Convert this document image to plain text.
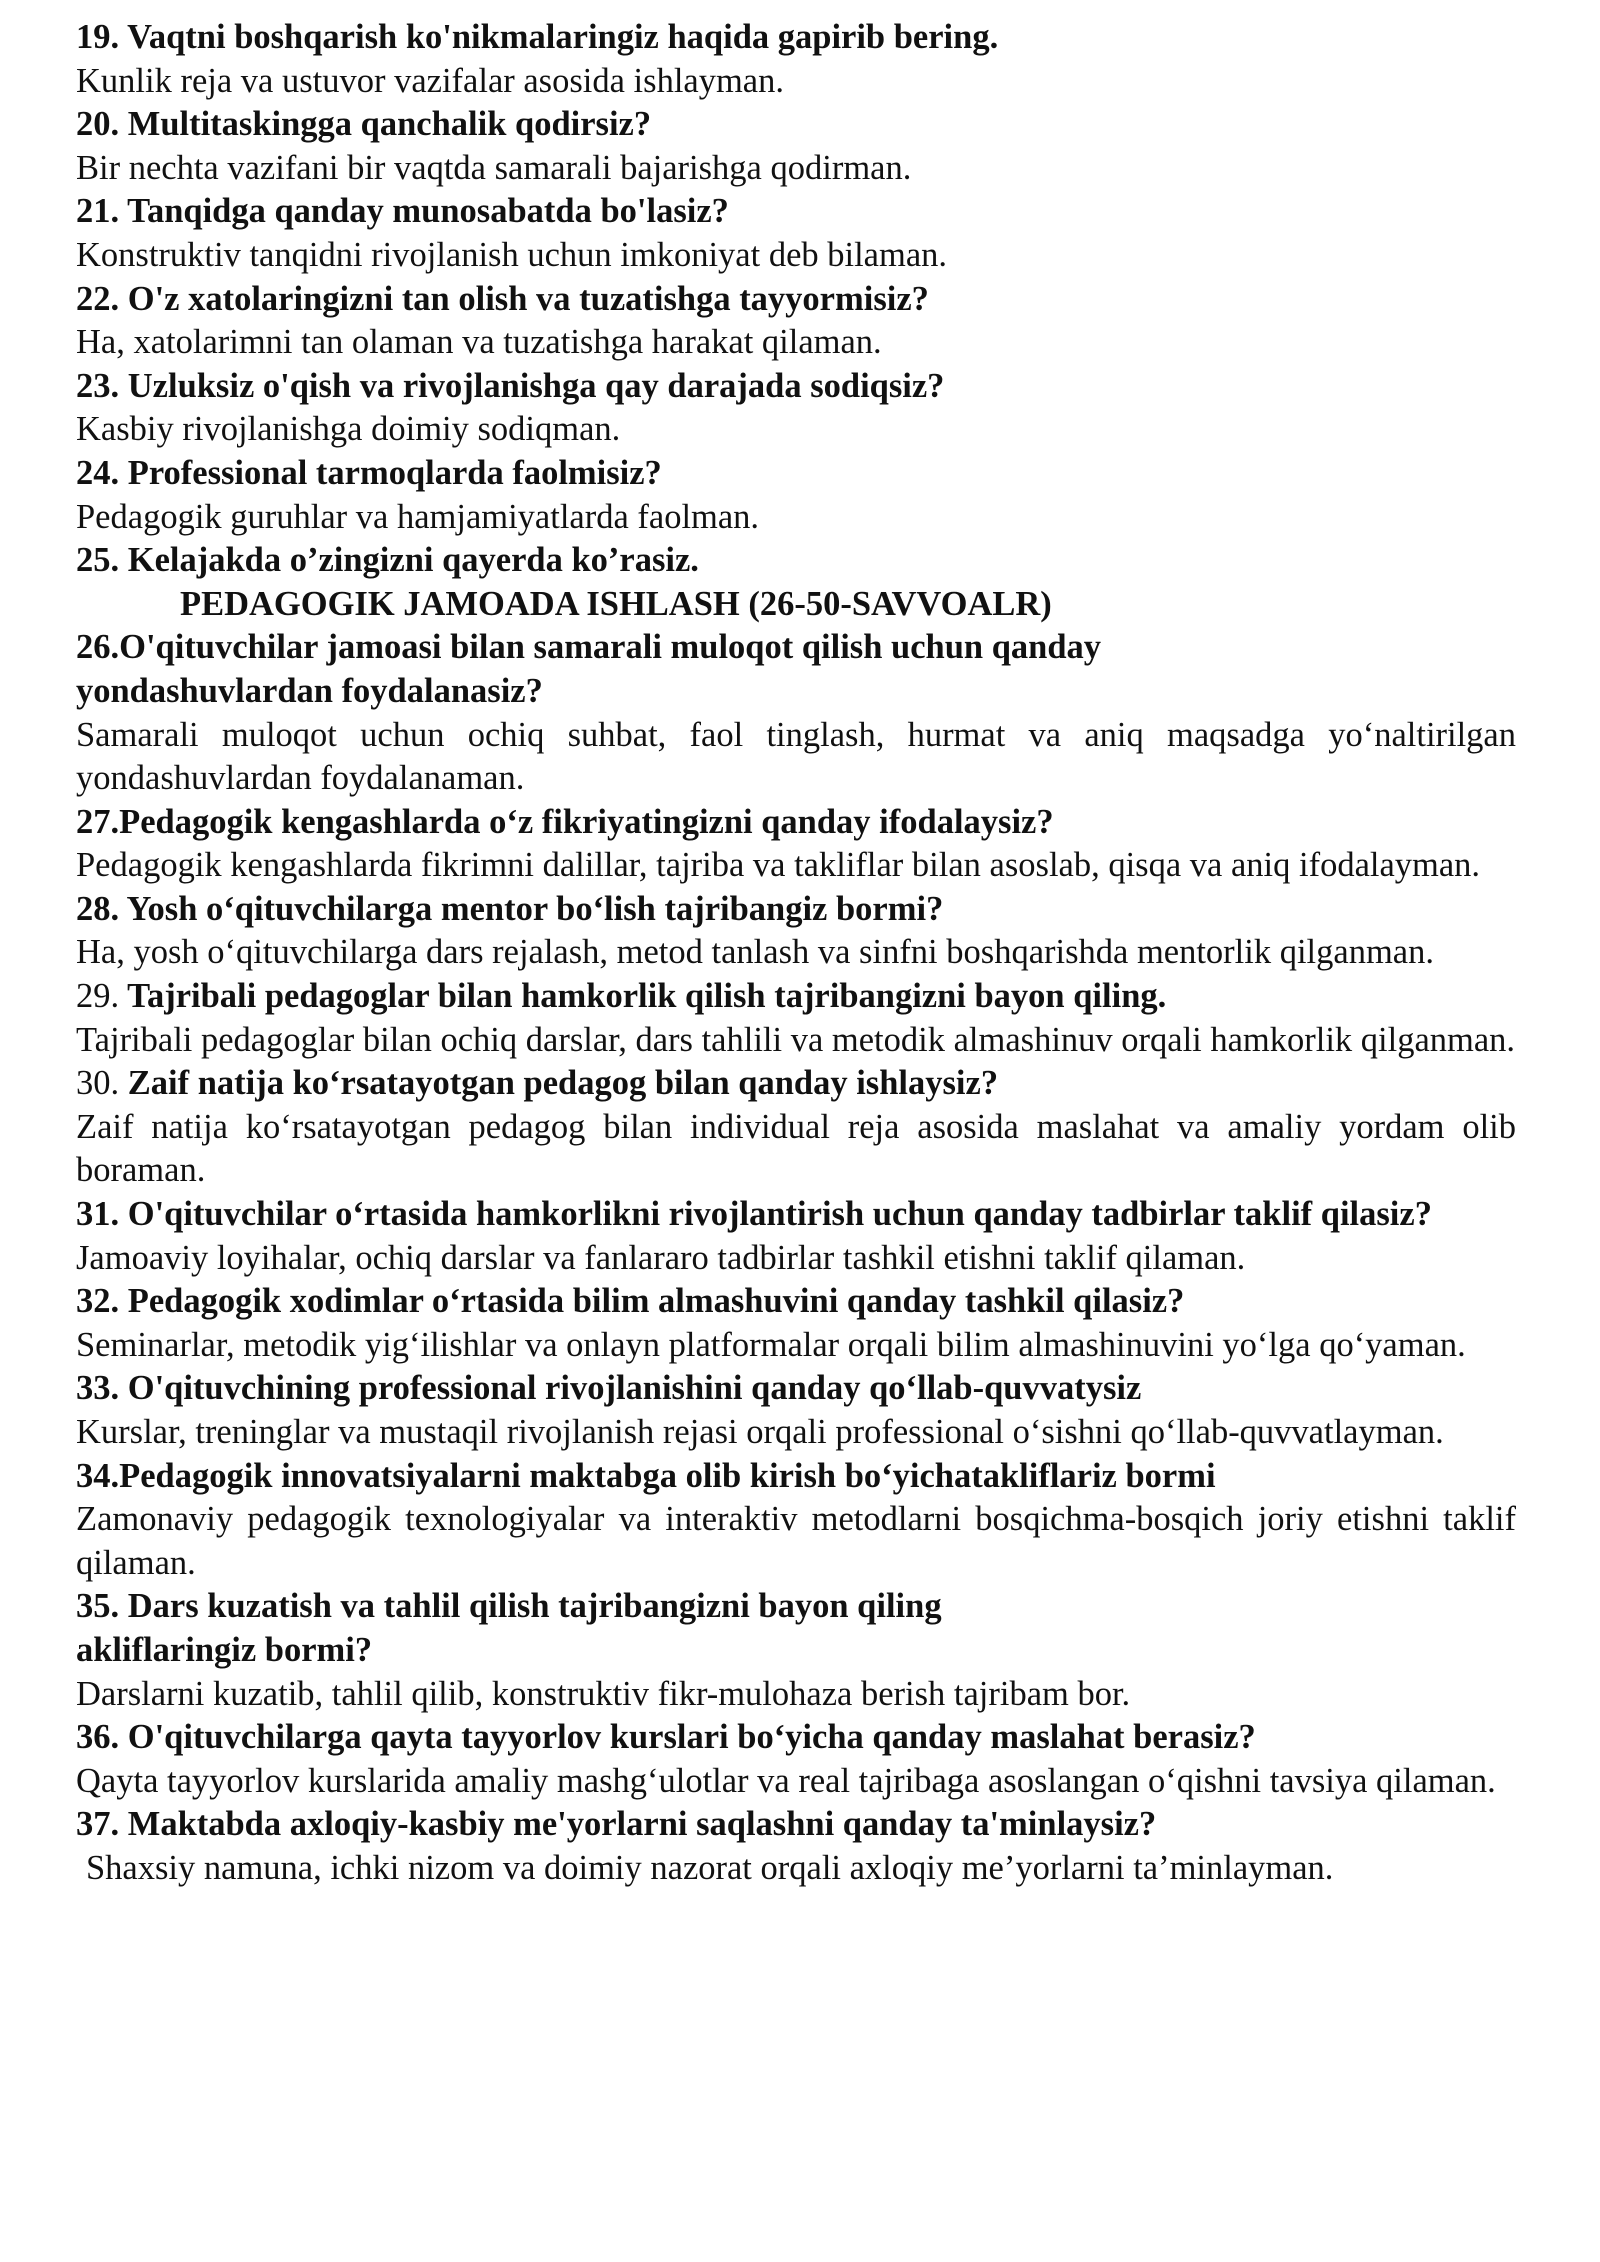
19. Vaqtni boshqarish ko'nikmalaringiz haqida gapirib bering.
Kunlik reja va ustuvor vazifalar asosida ishlayman.
20. Multitaskingga qanchalik qodirsiz?
Bir nechta vazifani bir vaqtda samarali bajarishga qodirman.
21. Tanqidga qanday munosabatda bo'lasiz?
Konstruktiv tanqidni rivojlanish uchun imkoniyat deb bilaman.
22. O'z xatolaringizni tan olish va tuzatishga tayyormisiz?
Ha, xatolarimni tan olaman va tuzatishga harakat qilaman.
23. Uzluksiz o'qish va rivojlanishga qay darajada sodiqsiz?
Kasbiy rivojlanishga doimiy sodiqman.
24. Professional tarmoqlarda faolmisiz?
Pedagogik guruhlar va hamjamiyatlarda faolman.
25. Kelajakda o’zingizni qayerda ko’rasiz.
PEDAGOGIK JAMOADA ISHLASH (26-50-SAVVOALR)
26.O'qituvchilar jamoasi bilan samarali muloqot qilish uchun qanday yondashuvlardan foydalanasiz?
Samarali muloqot uchun ochiq suhbat, faol tinglash, hurmat va aniq maqsadga yo‘naltirilgan yondashuvlardan foydalanaman.
27.Pedagogik kengashlarda o‘z fikriyatingizni qanday ifodalaysiz?
Pedagogik kengashlarda fikrimni dalillar, tajriba va takliflar bilan asoslab, qisqa va aniq ifodalayman.
28. Yosh o‘qituvchilarga mentor bo‘lish tajribangiz bormi?
Ha, yosh o‘qituvchilarga dars rejalash, metod tanlash va sinfni boshqarishda mentorlik qilganman.
29. Tajribali pedagoglar bilan hamkorlik qilish tajribangizni bayon qiling.
Tajribali pedagoglar bilan ochiq darslar, dars tahlili va metodik almashinuv orqali hamkorlik qilganman.
30. Zaif natija ko‘rsatayotgan pedagog bilan qanday ishlaysiz?
Zaif natija ko‘rsatayotgan pedagog bilan individual reja asosida maslahat va amaliy yordam olib boraman.
31. O'qituvchilar o‘rtasida hamkorlikni rivojlantirish uchun qanday tadbirlar taklif qilasiz?
Jamoaviy loyihalar, ochiq darslar va fanlararo tadbirlar tashkil etishni taklif qilaman.
32. Pedagogik xodimlar o‘rtasida bilim almashuvini qanday tashkil qilasiz?
Seminarlar, metodik yig‘ilishlar va onlayn platformalar orqali bilim almashinuvini yo‘lga qo‘yaman.
33. O'qituvchining professional rivojlanishini qanday qo‘llab-quvvatysiz
Kurslar, treninglar va mustaqil rivojlanish rejasi orqali professional o‘sishni qo‘llab-quvvatlayman.
34.Pedagogik innovatsiyalarni maktabga olib kirish bo‘yichatakliflariz bormi
Zamonaviy pedagogik texnologiyalar va interaktiv metodlarni bosqichma-bosqich joriy etishni taklif qilaman.
35. Dars kuzatish va tahlil qilish tajribangizni bayon qiling
akliflaringiz bormi?
Darslarni kuzatib, tahlil qilib, konstruktiv fikr-mulohaza berish tajribam bor.
36. O'qituvchilarga qayta tayyorlov kurslari bo‘yicha qanday maslahat berasiz?
Qayta tayyorlov kurslarida amaliy mashg‘ulotlar va real tajribaga asoslangan o‘qishni tavsiya qilaman.
37. Maktabda axloqiy-kasbiy me'yorlarni saqlashni qanday ta'minlaysiz?
Shaxsiy namuna, ichki nizom va doimiy nazorat orqali axloqiy me’yorlarni ta’minlayman.
